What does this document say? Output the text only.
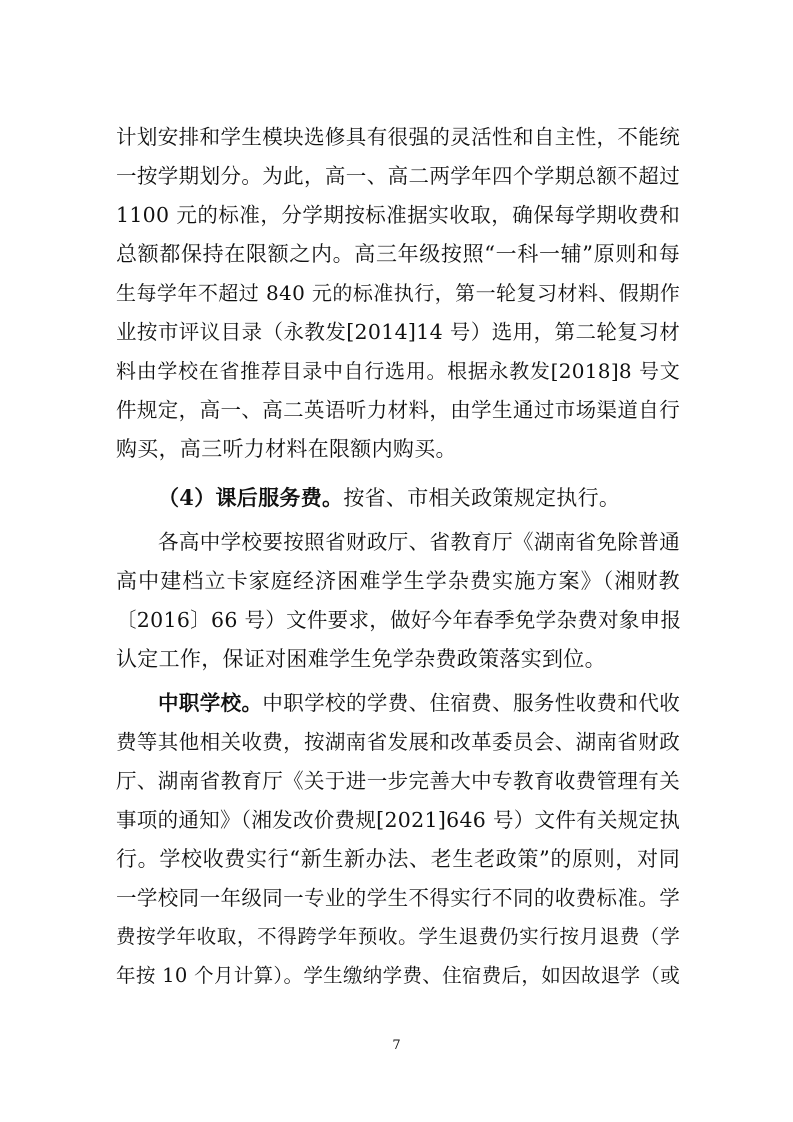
计划安排和学生模块选修具有很强的灵活性和自主性，不能统
一按学期划分。为此，高一、高二两学年四个学期总额不超过
1100 元的标准，分学期按标准据实收取，确保每学期收费和
总额都保持在限额之内。高三年级按照“一科一辅”原则和每
生每学年不超过 840 元的标准执行，第一轮复习材料、假期作
业按市评议目录（永教发[2014]14 号）选用，第二轮复习材
料由学校在省推荐目录中自行选用。根据永教发[2018]8 号文
件规定，高一、高二英语听力材料，由学生通过市场渠道自行
购买，高三听力材料在限额内购买。
（4）课后服务费。按省、市相关政策规定执行。
各高中学校要按照省财政厅、省教育厅《湖南省免除普通
高中建档立卡家庭经济困难学生学杂费实施方案》（湘财教
〔2016〕66 号）文件要求，做好今年春季免学杂费对象申报
认定工作，保证对困难学生免学杂费政策落实到位。
中职学校。中职学校的学费、住宿费、服务性收费和代收
费等其他相关收费，按湖南省发展和改革委员会、湖南省财政
厅、湖南省教育厅《关于进一步完善大中专教育收费管理有关
事项的通知》（湘发改价费规[2021]646 号）文件有关规定执
行。学校收费实行“新生新办法、老生老政策”的原则，对同
一学校同一年级同一专业的学生不得实行不同的收费标准。学
费按学年收取，不得跨学年预收。学生退费仍实行按月退费（学
年按 10 个月计算）。学生缴纳学费、住宿费后，如因故退学（或
7
